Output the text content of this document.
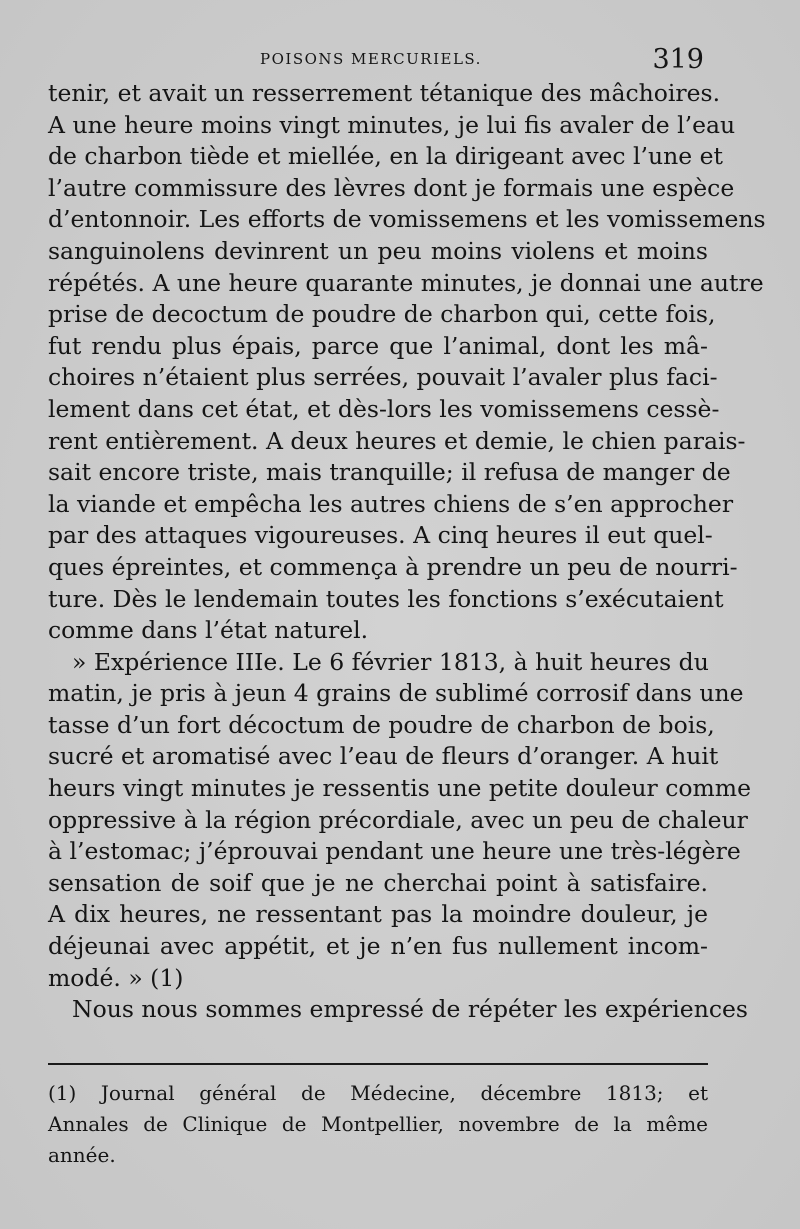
POISONS MERCURIELS.	319
tenir, et avait un resserrement tétanique des mâchoires.
A une heure moins vingt minutes, je lui fis avaler de l’eau
de charbon tiède et miellée, en la dirigeant avec l’une et
l’autre commissure des lèvres dont je formais une espèce
d’entonnoir. Les efforts de vomissemens et les vomissemens
sanguinolens devinrent un peu moins violens et moins
répétés. A une heure quarante minutes, je donnai une autre
prise de decoctum de poudre de charbon qui, cette fois,
fut rendu plus épais, parce que l’animal, dont les mâ-
choires n’étaient plus serrées, pouvait l’avaler plus faci-
lement dans cet état, et dès-lors les vomissemens cessè-
rent entièrement. A deux heures et demie, le chien parais-
sait encore triste, mais tranquille; il refusa de manger de
la viande et empêcha les autres chiens de s’en approcher
par des attaques vigoureuses. A cinq heures il eut quel-
ques épreintes, et commença à prendre un peu de nourri-
ture. Dès le lendemain toutes les fonctions s’exécutaient
comme dans l’état naturel.
» Expérience IIIe. Le 6 février 1813, à huit heures du
matin, je pris à jeun 4 grains de sublimé corrosif dans une
tasse d’un fort décoctum de poudre de charbon de bois,
sucré et aromatisé avec l’eau de fleurs d’oranger. A huit
heurs vingt minutes je ressentis une petite douleur comme
oppressive à la région précordiale, avec un peu de chaleur
à l’estomac; j’éprouvai pendant une heure une très-légère
sensation de soif que je ne cherchai point à satisfaire.
A dix heures, ne ressentant pas la moindre douleur, je
déjeunai avec appétit, et je n’en fus nullement incom-
modé. » (1)
Nous nous sommes empressé de répéter les expériences
(1) Journal général de Médecine, décembre 1813; et
Annales de Clinique de Montpellier, novembre de la même
année.
